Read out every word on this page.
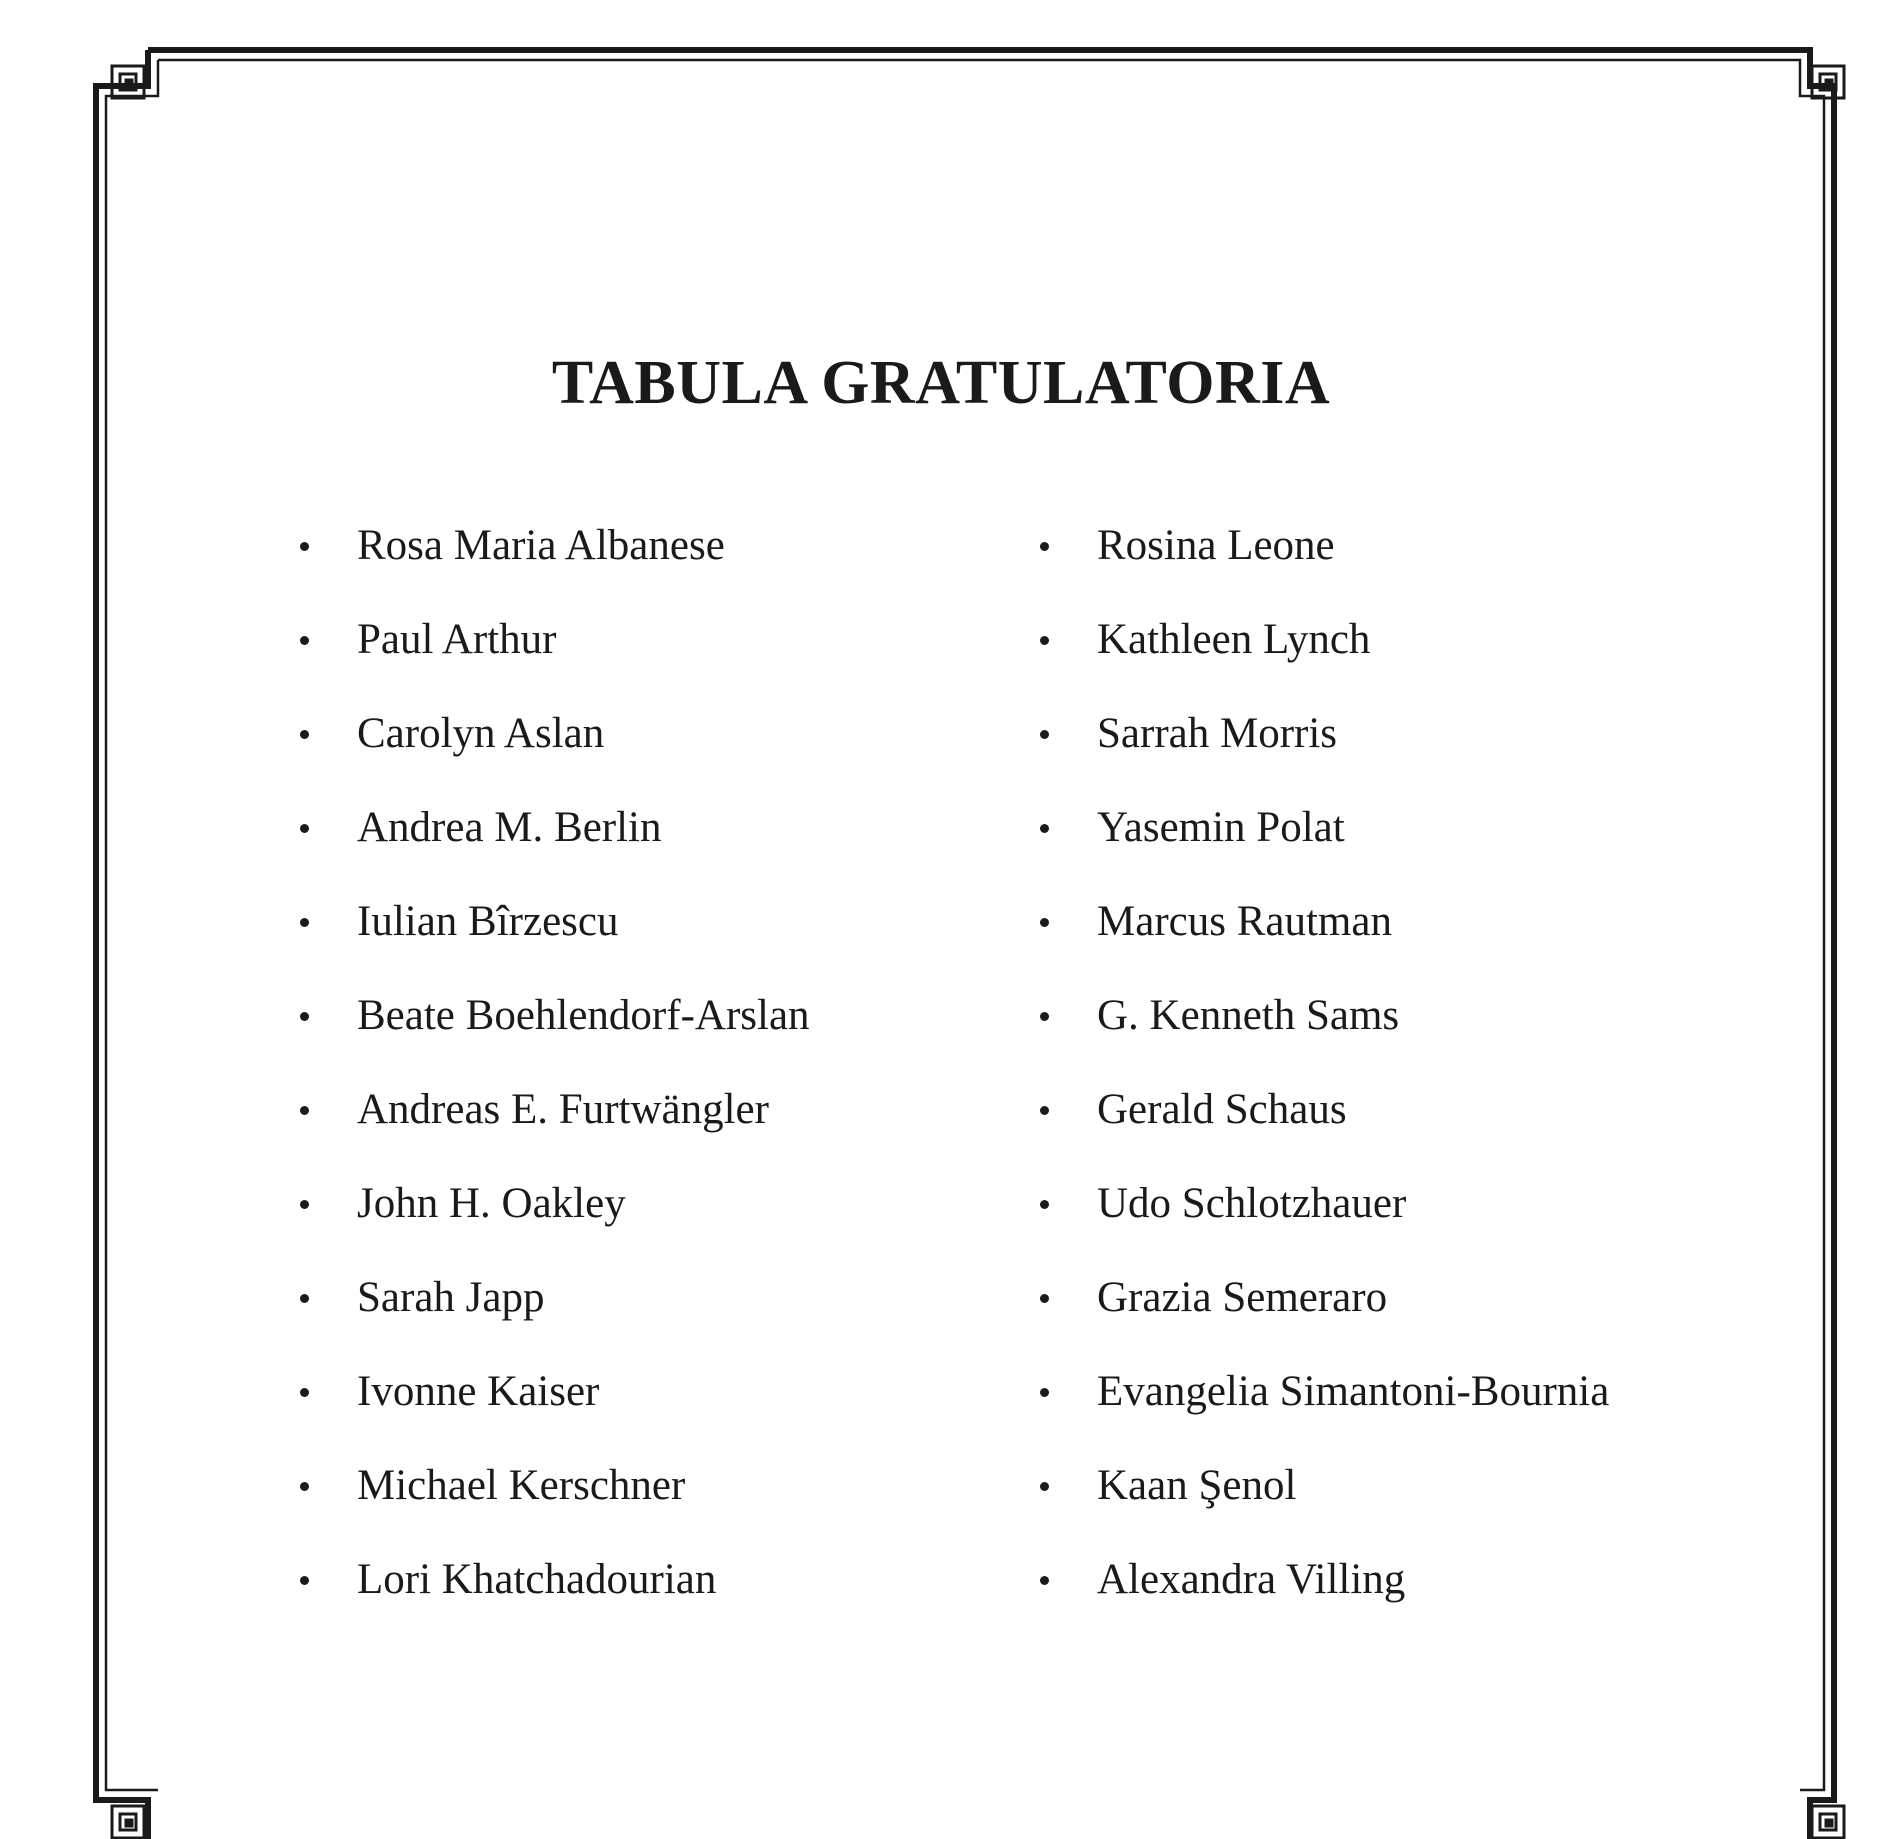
TABULA GRATULATORIA
Rosa Maria Albanese
Paul Arthur
Carolyn Aslan
Andrea M. Berlin
Iulian Bîrzescu
Beate Boehlendorf-Arslan
Andreas E. Furtwängler
John H. Oakley
Sarah Japp
Ivonne Kaiser
Michael Kerschner
Lori Khatchadourian
Rosina Leone
Kathleen Lynch
Sarrah Morris
Yasemin Polat
Marcus Rautman
G. Kenneth Sams
Gerald Schaus
Udo Schlotzhauer
Grazia Semeraro
Evangelia Simantoni-Bournia
Kaan Şenol
Alexandra Villing
